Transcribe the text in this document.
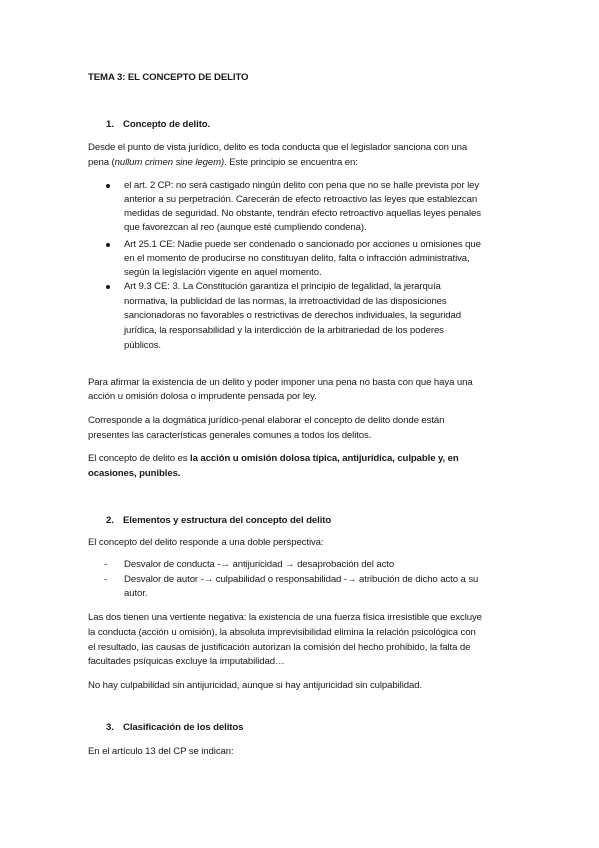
TEMA 3: EL CONCEPTO DE DELITO
1. Concepto de delito.
Desde el punto de vista jurídico, delito es toda conducta que el legislador sanciona con una
pena (nullum crimen sine legem). Este principio se encuentra en:
el art. 2 CP: no será castigado ningún delito con pena que no se halle prevista por ley
anterior a su perpetración. Carecerán de efecto retroactivo las leyes que establezcan
medidas de seguridad. No obstante, tendrán efecto retroactivo aquellas leyes penales
que favorezcan al reo (aunque esté cumpliendo condena).
Art 25.1 CE: Nadie puede ser condenado o sancionado por acciones u omisiones que
en el momento de producirse no constituyan delito, falta o infracción administrativa,
según la legislación vigente en aquel momento.
Art 9.3 CE: 3. La Constitución garantiza el principio de legalidad, la jerarquía
normativa, la publicidad de las normas, la irretroactividad de las disposiciones
sancionadoras no favorables o restrictivas de derechos individuales, la seguridad
jurídica, la responsabilidad y la interdicción de la arbitrariedad de los poderes
públicos.
Para afirmar la existencia de un delito y poder imponer una pena no basta con que haya una
acción u omisión dolosa o imprudente pensada por ley.
Corresponde a la dogmática jurídico-penal elaborar el concepto de delito donde están
presentes las características generales comunes a todos los delitos.
El concepto de delito es la acción u omisión dolosa típica, antijurídica, culpable y, en
ocasiones, punibles.
2. Elementos y estructura del concepto del delito
El concepto del delito responde a una doble perspectiva:
- Desvalor de conducta -→ antijuricidad → desaprobación del acto
- Desvalor de autor -→ culpabilidad o responsabilidad -→ atribución de dicho acto a su
autor.
Las dos tienen una vertiente negativa: la existencia de una fuerza física irresistible que excluye
la conducta (acción u omisión), la absoluta imprevisibilidad elimina la relación psicológica con
el resultado, las causas de justificación autorizan la comisión del hecho prohibido, la falta de
facultades psíquicas excluye la imputabilidad…
No hay culpabilidad sin antijuricidad, aunque si hay antijuricidad sin culpabilidad.
3. Clasificación de los delitos
En el artículo 13 del CP se indican:
